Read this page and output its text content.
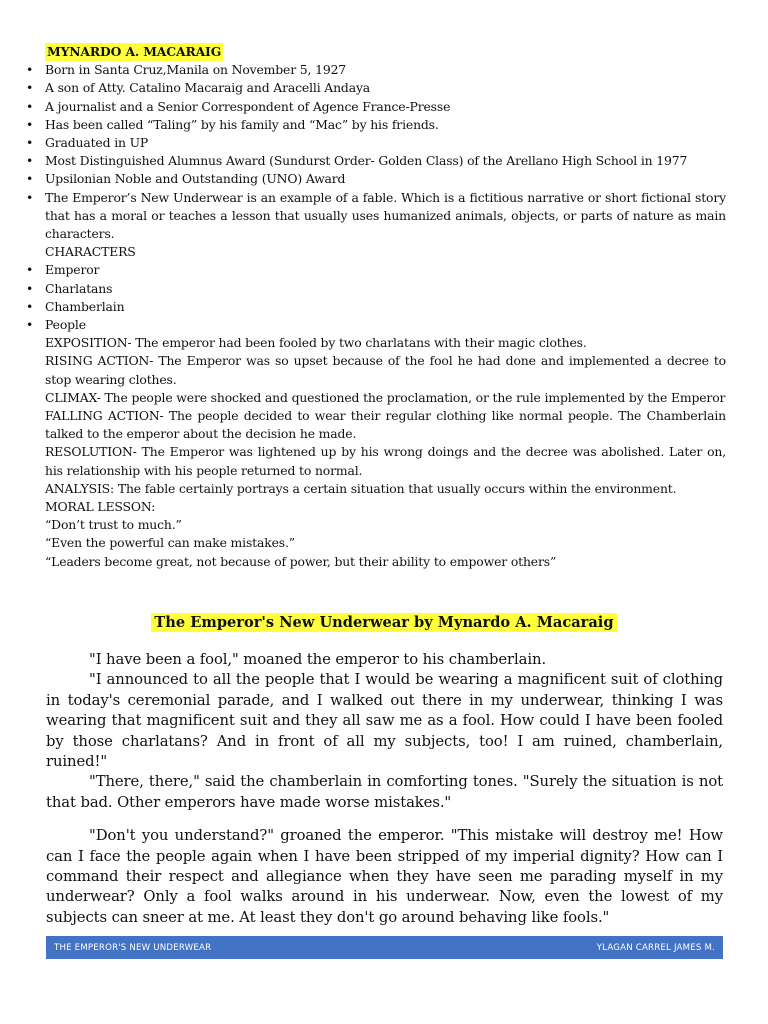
MYNARDO A. MACARAIG
• Born in Santa Cruz,Manila on November 5, 1927
• A son of Atty. Catalino Macaraig and Aracelli Andaya
• A journalist and a Senior Correspondent of Agence France-Presse
• Has been called “Taling” by his family and “Mac” by his friends.
• Graduated in UP
• Most Distinguished Alumnus Award (Sundurst Order- Golden Class) of the Arellano High School in 1977
• Upsilonian Noble and Outstanding (UNO) Award
• The Emperor’s New Underwear is an example of a fable. Which is a fictitious narrative or short fictional story that has a moral or teaches a lesson that usually uses humanized animals, objects, or parts of nature as main characters.
CHARACTERS
• Emperor
• Charlatans
• Chamberlain
• People
EXPOSITION- The emperor had been fooled by two charlatans with their magic clothes.
RISING ACTION- The Emperor was so upset because of the fool he had done and implemented a decree to stop wearing clothes.
CLIMAX- The people were shocked and questioned the proclamation, or the rule implemented by the Emperor
FALLING ACTION- The people decided to wear their regular clothing like normal people. The Chamberlain talked to the emperor about the decision he made.
RESOLUTION- The Emperor was lightened up by his wrong doings and the decree was abolished. Later on, his relationship with his people returned to normal.
ANALYSIS: The fable certainly portrays a certain situation that usually occurs within the environment.
MORAL LESSON:
“Don’t trust to much.”
“Even the powerful can make mistakes.”
“Leaders become great, not because of power, but their ability to empower others”
The Emperor's New Underwear by Mynardo A. Macaraig

"I have been a fool," moaned the emperor to his chamberlain.

"I announced to all the people that I would be wearing a magnificent suit of clothing in today's ceremonial parade, and I walked out there in my underwear, thinking I was wearing that magnificent suit and they all saw me as a fool. How could I have been fooled by those charlatans? And in front of all my subjects, too! I am ruined, chamberlain, ruined!"

"There, there," said the chamberlain in comforting tones. "Surely the situation is not that bad. Other emperors have made worse mistakes."

"Don't you understand?" groaned the emperor. "This mistake will destroy me! How can I face the people again when I have been stripped of my imperial dignity? How can I command their respect and allegiance when they have seen me parading myself in my underwear? Only a fool walks around in his underwear. Now, even the lowest of my subjects can sneer at me. At least they don't go around behaving like fools."

THE EMPEROR'S NEW UNDERWEAR	YLAGAN CARREL JAMES M.
